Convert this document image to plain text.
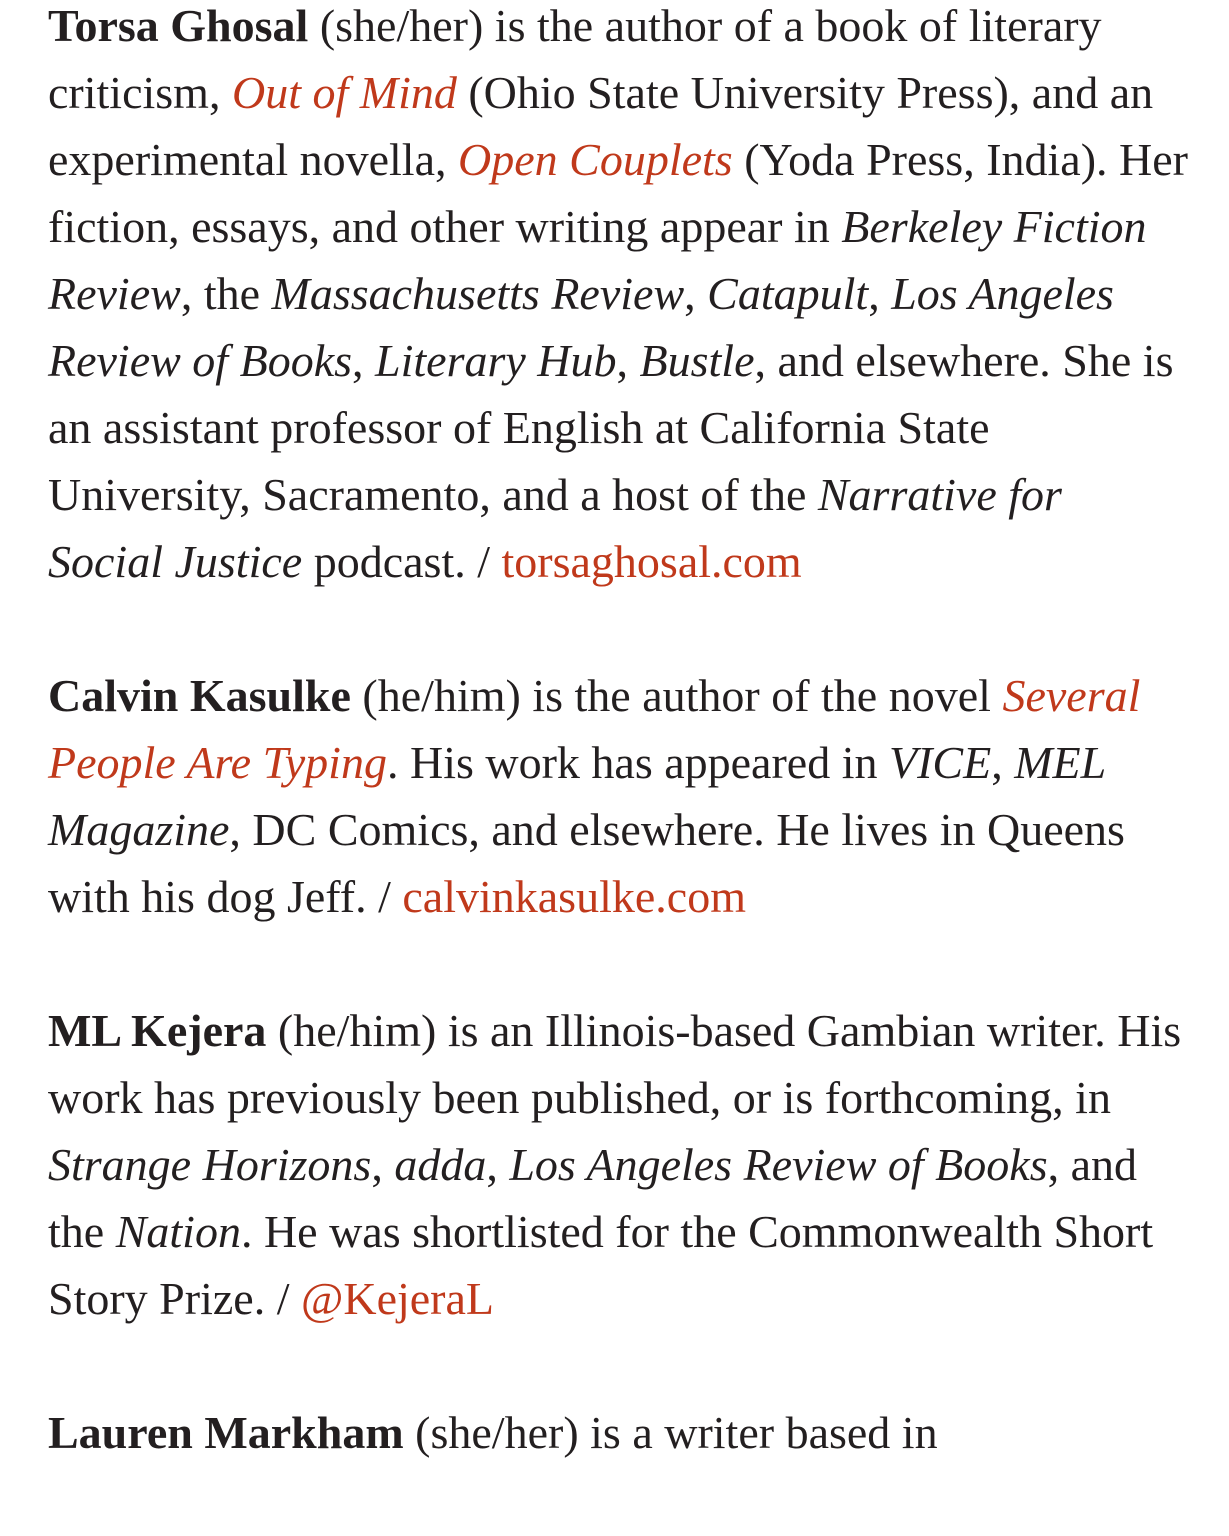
Torsa Ghosal (she/her) is the author of a book of literary criticism, Out of Mind (Ohio State University Press), and an experimental novella, Open Couplets (Yoda Press, India). Her fiction, essays, and other writing appear in Berkeley Fiction Review, the Massachusetts Review, Catapult, Los Angeles Review of Books, Literary Hub, Bustle, and elsewhere. She is an assistant professor of English at California State University, Sacramento, and a host of the Narrative for Social Justice podcast. / torsaghosal.com

Calvin Kasulke (he/him) is the author of the novel Several People Are Typing. His work has appeared in VICE, MEL Magazine, DC Comics, and elsewhere. He lives in Queens with his dog Jeff. / calvinkasulke.com

ML Kejera (he/him) is an Illinois-based Gambian writer. His work has previously been published, or is forthcoming, in Strange Horizons, adda, Los Angeles Review of Books, and the Nation. He was shortlisted for the Commonwealth Short Story Prize. / @KejeraL

Lauren Markham (she/her) is a writer based in
